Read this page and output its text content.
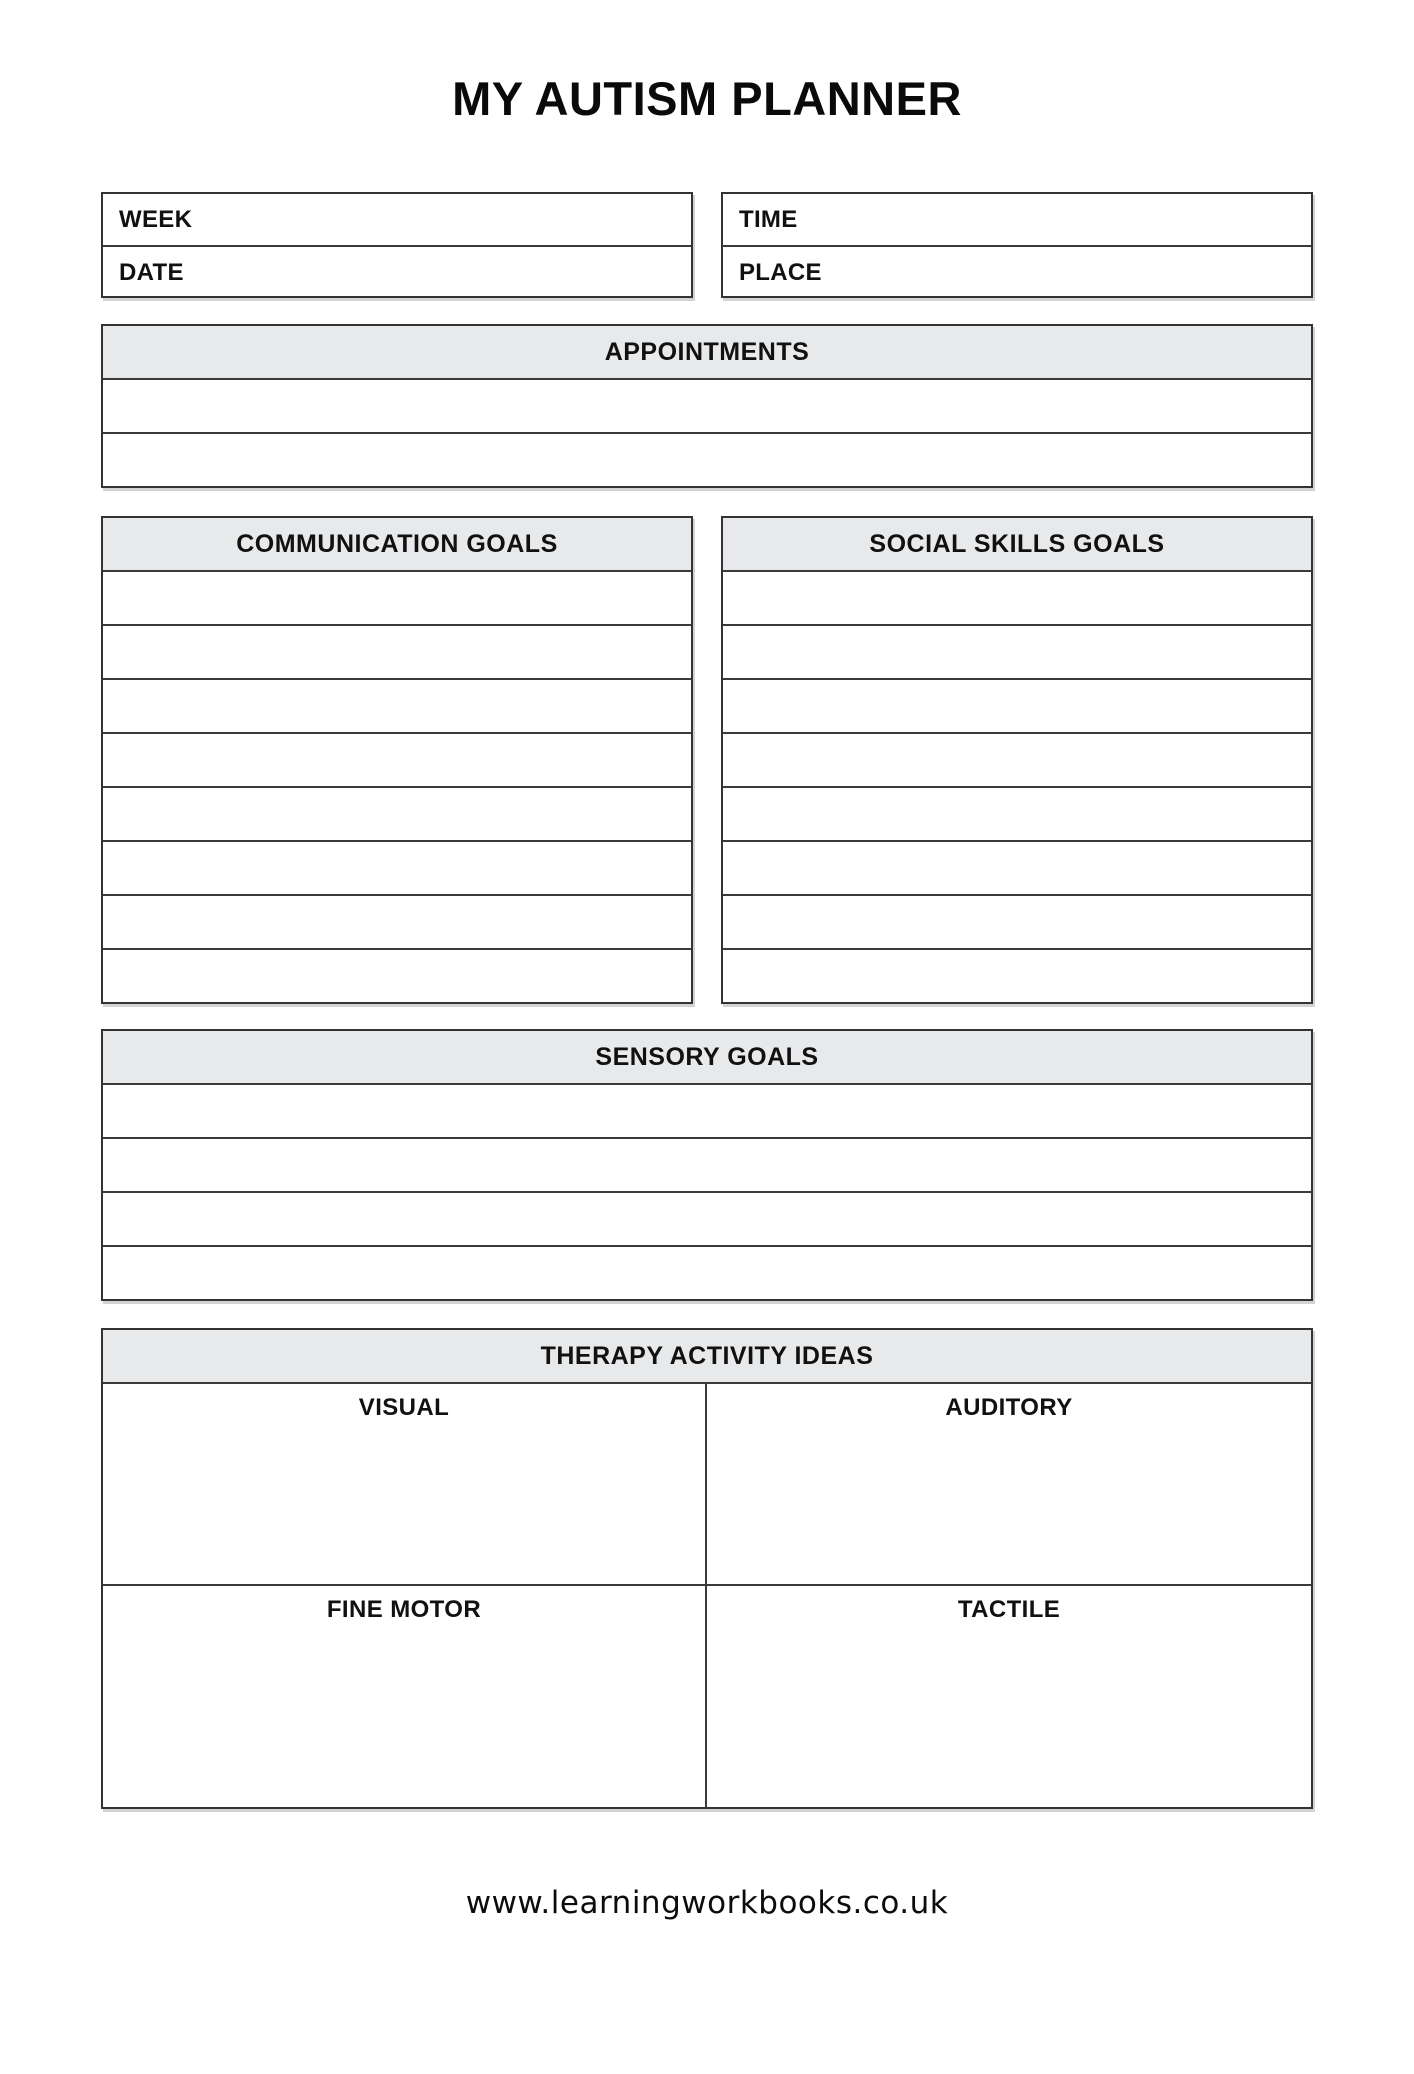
MY AUTISM PLANNER
WEEK
DATE
TIME
PLACE
APPOINTMENTS
COMMUNICATION GOALS	SOCIAL SKILLS GOALS
SENSORY GOALS
THERAPY ACTIVITY IDEAS
VISUAL	AUDITORY
FINE MOTOR	TACTILE
www.learningworkbooks.co.uk
